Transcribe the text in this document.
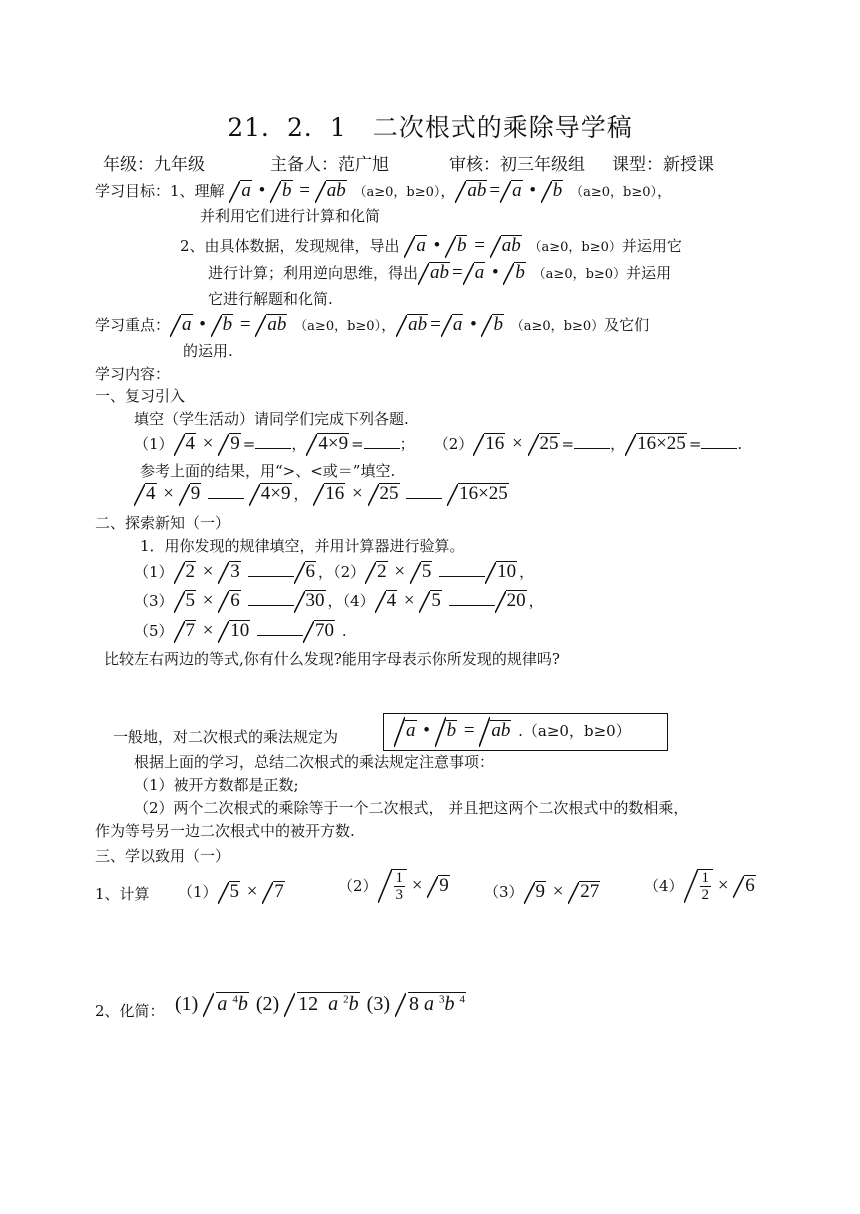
21．2．1　二次根式的乘除导学稿
年级：九年级	主备人：范广旭	审核：初三年级组 课型：新授课
学习目标：1、理解 a • b = ab （a≥0，b≥0）， ab = a • b （a≥0，b≥0），
并利用它们进行计算和化简
2、由具体数据，发现规律，导出 a • b = ab （a≥0，b≥0）并运用它
进行计算；利用逆向思维，得出 ab = a • b （a≥0，b≥0）并运用
它进行解题和化简.
学习重点： a • b = ab （a≥0，b≥0）， ab = a • b （a≥0，b≥0）及它们
的运用.
学习内容：
一、复习引入
填空（学生活动）请同学们完成下列各题.
（1） 4 × 9 = ， 4×9 = ；    （2） 16 × 25 = ， 16×25 = .
参考上面的结果，用“>、<或＝”填空.
4 × 9	4×9 ， 16 × 25	16×25
二、探索新知（一）
1．用你发现的规律填空，并用计算器进行验算。
（1） 2 × 3	6 ，（2） 2 × 5	10 ，
（3） 5 × 6	30 ，（4） 4 × 5	20 ，
（5） 7 × 10	70 .
比较左右两边的等式,你有什么发现?能用字母表示你所发现的规律吗?
一般地，对二次根式的乘法规定为	a • b = ab .（a≥0，b≥0）
根据上面的学习，总结二次根式的乘法规定注意事项：
（1）被开方数都是正数;
（2）两个二次根式的乘除等于一个二次根式， 并且把这两个二次根式中的数相乘，
作为等号另一边二次根式中的被开方数.
三、学以致用（一）
1、计算 （1） 5 × 7	$(2) \frac{1}{3} \times 9$ （3） 9 × 27	$(4) \frac{1}{2} \times 6$
2、化简： (1) a $^4$b (2) 12  a $^2$b (3) 8 a $^3$b $^4$
